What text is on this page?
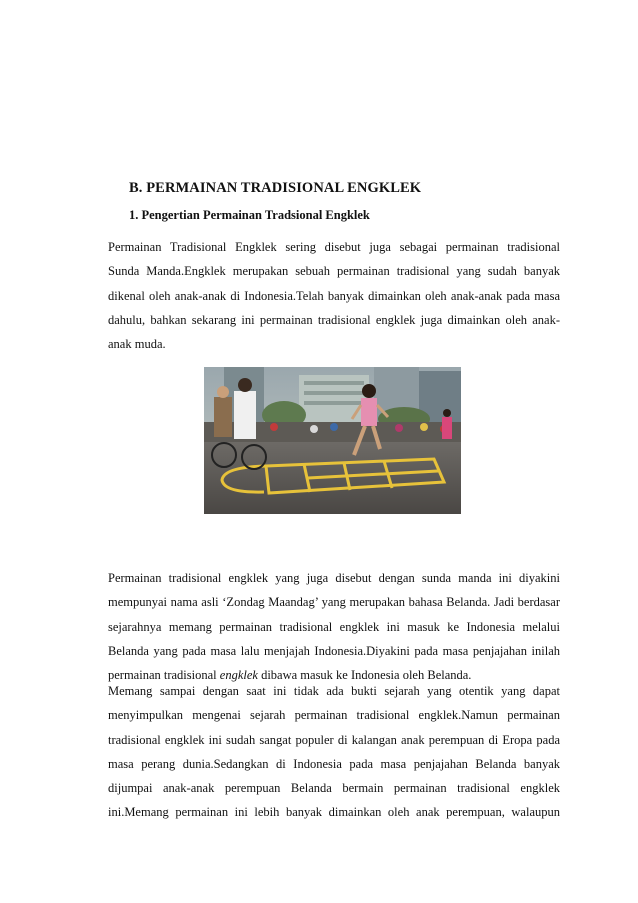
B. PERMAINAN TRADISIONAL ENGKLEK
1. Pengertian Permainan Tradsional Engklek
Permainan Tradisional Engklek sering disebut juga sebagai permainan tradisional
Sunda Manda.Engklek merupakan sebuah permainan tradisional yang sudah banyak
dikenal oleh anak-anak di Indonesia.Telah banyak dimainkan oleh anak-anak pada masa
dahulu, bahkan sekarang ini permainan tradisional engklek juga dimainkan oleh anak-
anak muda.
Permainan tradisional engklek yang juga disebut dengan sunda manda ini diyakini
mempunyai nama asli ‘Zondag Maandag’ yang merupakan bahasa Belanda. Jadi berdasar
sejarahnya memang permainan tradisional engklek ini masuk ke Indonesia melalui
Belanda yang pada masa lalu menjajah Indonesia.Diyakini pada masa penjajahan inilah
permainan tradisional engklek dibawa masuk ke Indonesia oleh Belanda.
Memang sampai dengan saat ini tidak ada bukti sejarah yang otentik yang dapat
menyimpulkan mengenai sejarah permainan tradisional engklek.Namun permainan
tradisional engklek ini sudah sangat populer di kalangan anak perempuan di Eropa pada
masa perang dunia.Sedangkan di Indonesia pada masa penjajahan Belanda banyak
dijumpai anak-anak perempuan Belanda bermain permainan tradisional engklek
ini.Memang permainan ini lebih banyak dimainkan oleh anak perempuan, walaupun
